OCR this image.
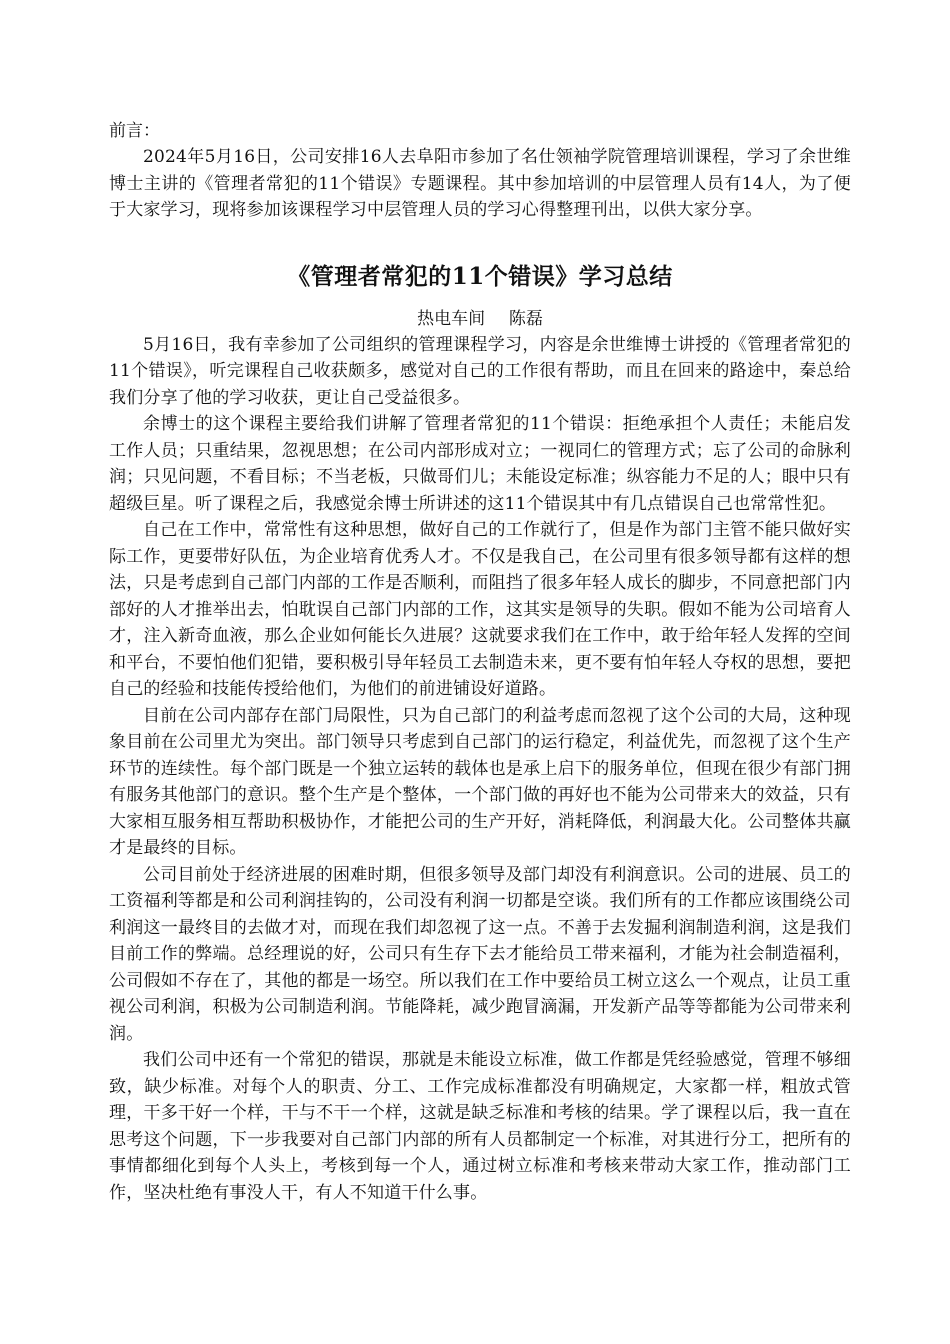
前言：

2024年5月16日，公司安排16人去阜阳市参加了名仕领袖学院管理培训课程，学习了余世维博士主讲的《管理者常犯的11个错误》专题课程。其中参加培训的中层管理人员有14人，为了便于大家学习，现将参加该课程学习中层管理人员的学习心得整理刊出，以供大家分享。

《管理者常犯的11个错误》学习总结

热电车间 陈磊

5月16日，我有幸参加了公司组织的管理课程学习，内容是余世维博士讲授的《管理者常犯的11个错误》，听完课程自己收获颇多，感觉对自己的工作很有帮助，而且在回来的路途中，秦总给我们分享了他的学习收获，更让自己受益很多。

余博士的这个课程主要给我们讲解了管理者常犯的11个错误：拒绝承担个人责任；未能启发工作人员；只重结果，忽视思想；在公司内部形成对立；一视同仁的管理方式；忘了公司的命脉利润；只见问题，不看目标；不当老板，只做哥们儿；未能设定标准；纵容能力不足的人；眼中只有超级巨星。听了课程之后，我感觉余博士所讲述的这11个错误其中有几点错误自己也常常性犯。

自己在工作中，常常性有这种思想，做好自己的工作就行了，但是作为部门主管不能只做好实际工作，更要带好队伍，为企业培育优秀人才。不仅是我自己，在公司里有很多领导都有这样的想法，只是考虑到自己部门内部的工作是否顺利，而阻挡了很多年轻人成长的脚步，不同意把部门内部好的人才推举出去，怕耽误自己部门内部的工作，这其实是领导的失职。假如不能为公司培育人才，注入新奇血液，那么企业如何能长久进展？这就要求我们在工作中，敢于给年轻人发挥的空间和平台，不要怕他们犯错，要积极引导年轻员工去制造未来，更不要有怕年轻人夺权的思想，要把自己的经验和技能传授给他们，为他们的前进铺设好道路。

目前在公司内部存在部门局限性，只为自己部门的利益考虑而忽视了这个公司的大局，这种现象目前在公司里尤为突出。部门领导只考虑到自己部门的运行稳定，利益优先，而忽视了这个生产环节的连续性。每个部门既是一个独立运转的载体也是承上启下的服务单位，但现在很少有部门拥有服务其他部门的意识。整个生产是个整体，一个部门做的再好也不能为公司带来大的效益，只有大家相互服务相互帮助积极协作，才能把公司的生产开好，消耗降低，利润最大化。公司整体共赢才是最终的目标。

公司目前处于经济进展的困难时期，但很多领导及部门却没有利润意识。公司的进展、员工的工资福利等都是和公司利润挂钩的，公司没有利润一切都是空谈。我们所有的工作都应该围绕公司利润这一最终目的去做才对，而现在我们却忽视了这一点。不善于去发掘利润制造利润，这是我们目前工作的弊端。总经理说的好，公司只有生存下去才能给员工带来福利，才能为社会制造福利，公司假如不存在了，其他的都是一场空。所以我们在工作中要给员工树立这么一个观点，让员工重视公司利润，积极为公司制造利润。节能降耗，减少跑冒滴漏，开发新产品等等都能为公司带来利润。

我们公司中还有一个常犯的错误，那就是未能设立标准，做工作都是凭经验感觉，管理不够细致，缺少标准。对每个人的职责、分工、工作完成标准都没有明确规定，大家都一样，粗放式管理，干多干好一个样，干与不干一个样，这就是缺乏标准和考核的结果。学了课程以后，我一直在思考这个问题，下一步我要对自己部门内部的所有人员都制定一个标准，对其进行分工，把所有的事情都细化到每个人头上，考核到每一个人，通过树立标准和考核来带动大家工作，推动部门工作，坚决杜绝有事没人干，有人不知道干什么事。
